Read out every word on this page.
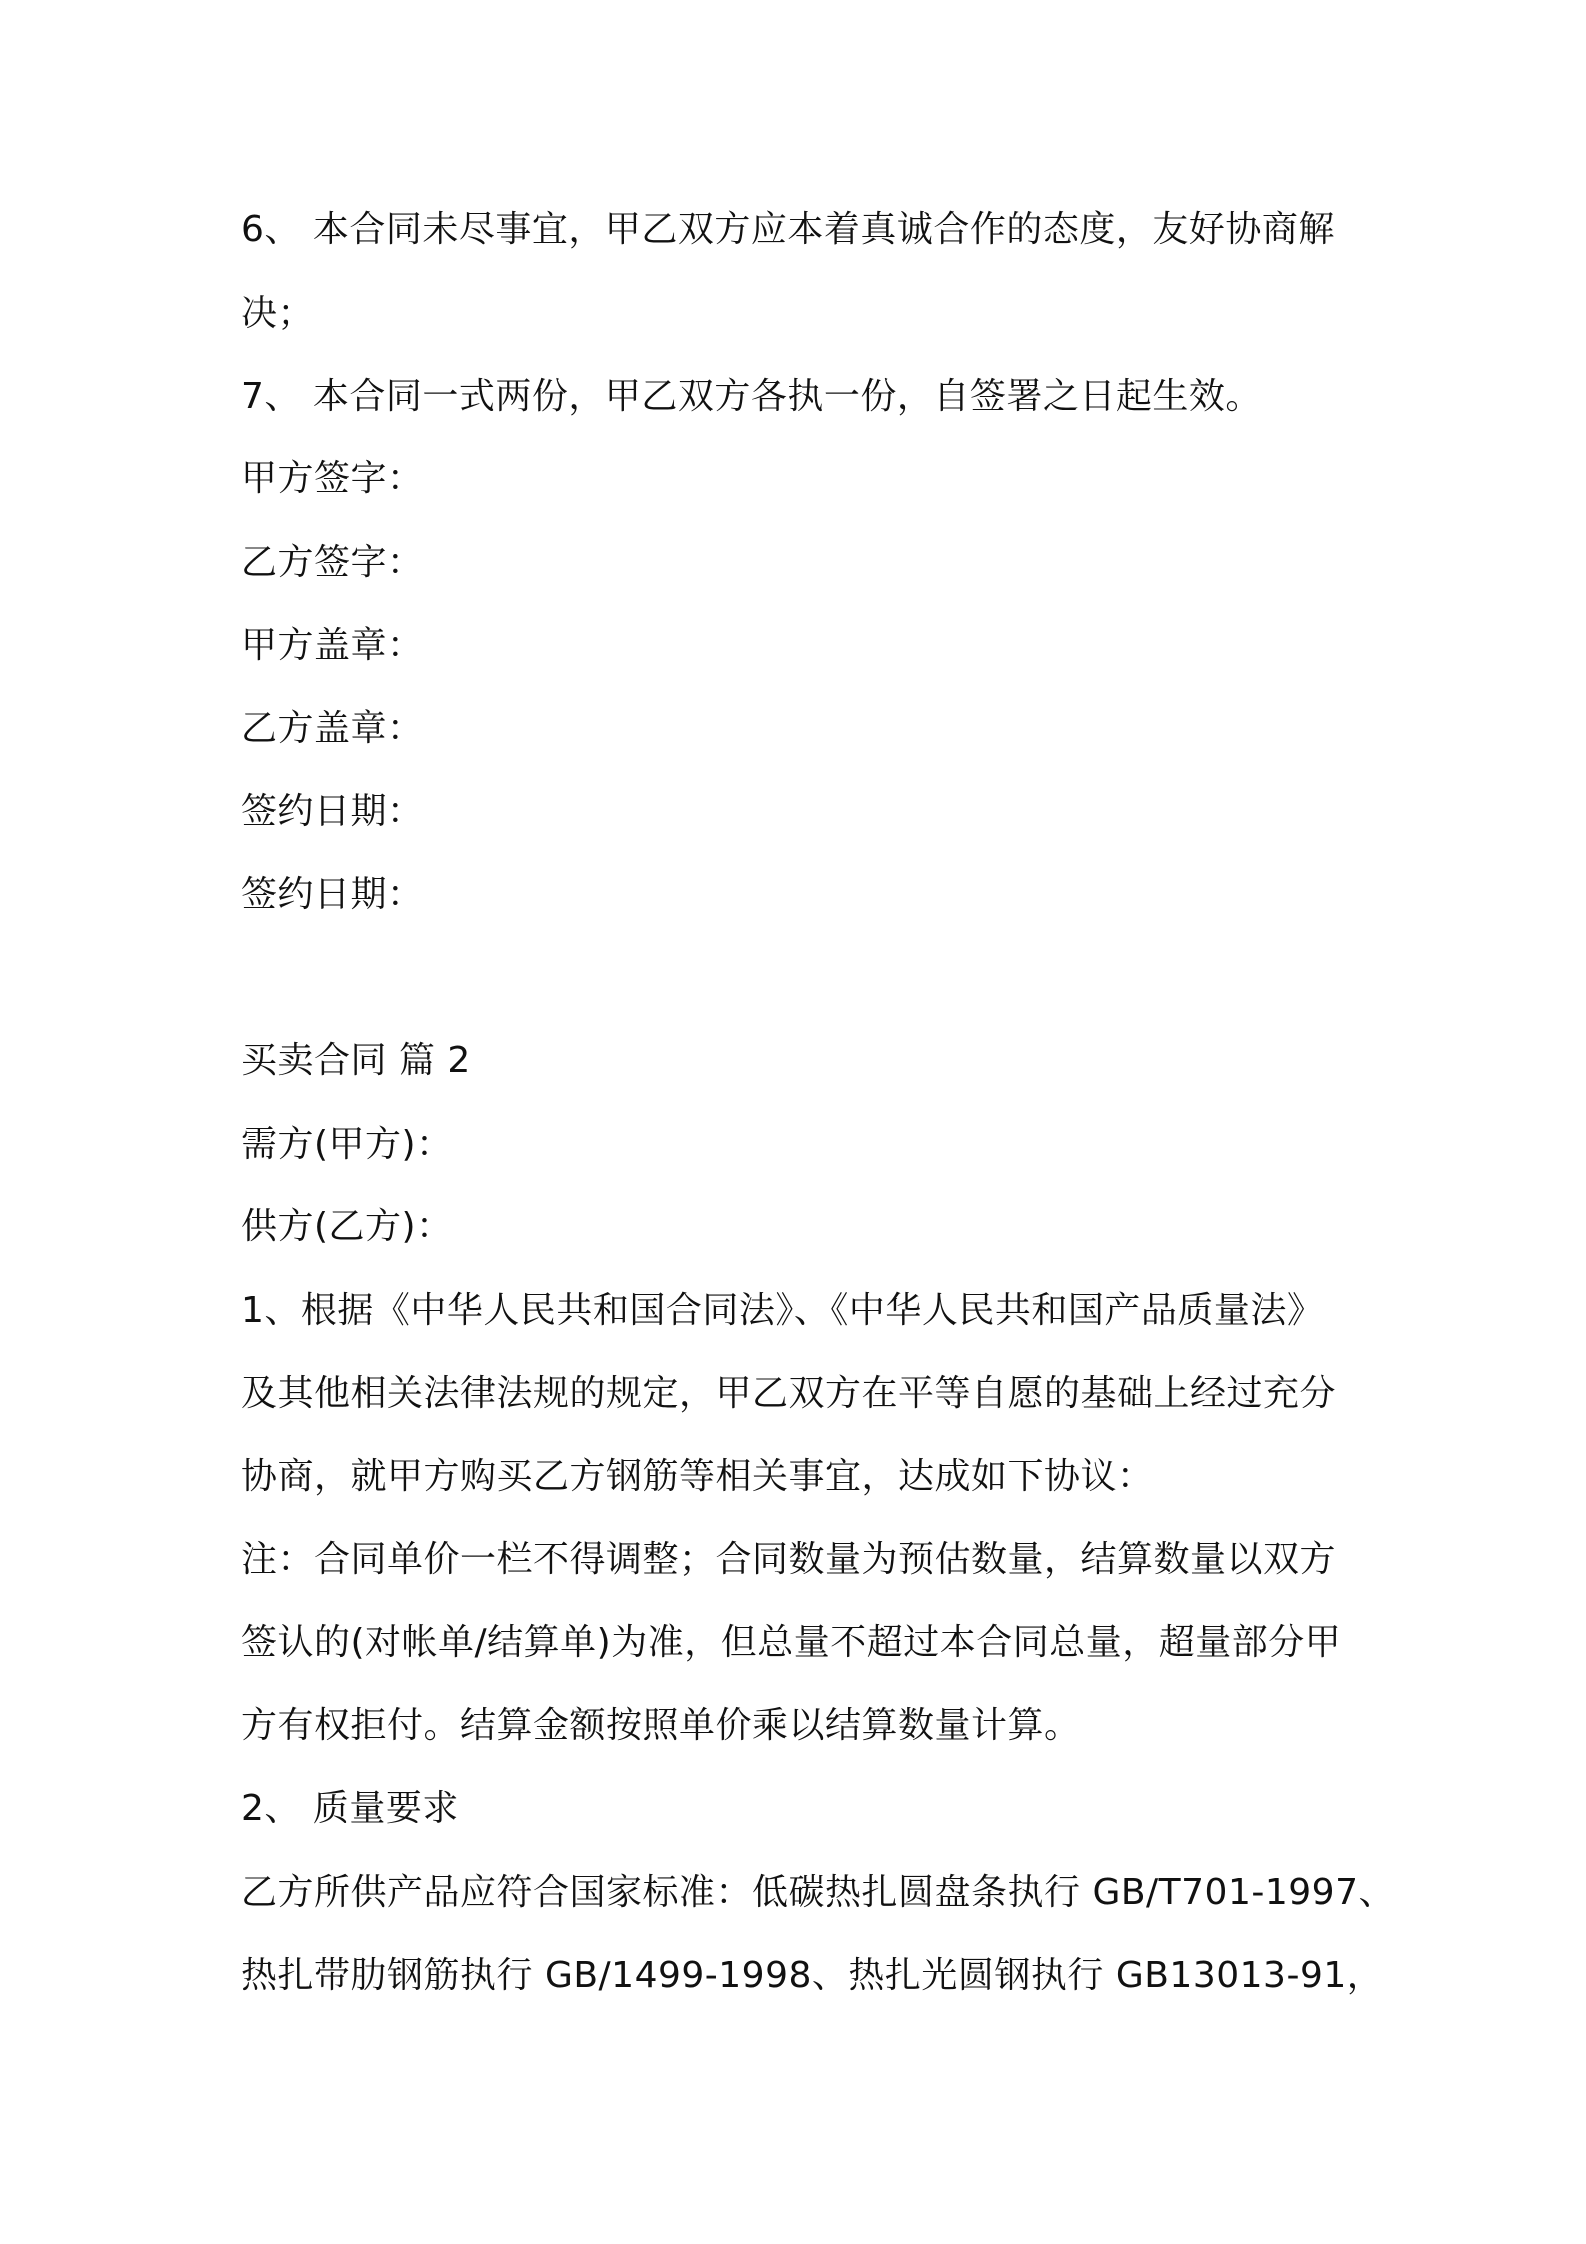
6、 本合同未尽事宜，甲乙双方应本着真诚合作的态度，友好协商解
决；
7、 本合同一式两份，甲乙双方各执一份，自签署之日起生效。
甲方签字：
乙方签字：
甲方盖章：
乙方盖章：
签约日期：
签约日期：
买卖合同 篇 2
需方(甲方)：
供方(乙方)：
1、根据《中华人民共和国合同法》、《中华人民共和国产品质量法》
及其他相关法律法规的规定，甲乙双方在平等自愿的基础上经过充分
协商，就甲方购买乙方钢筋等相关事宜，达成如下协议：
注：合同单价一栏不得调整；合同数量为预估数量，结算数量以双方
签认的(对帐单/结算单)为准，但总量不超过本合同总量，超量部分甲
方有权拒付。结算金额按照单价乘以结算数量计算。
2、 质量要求
乙方所供产品应符合国家标准：低碳热扎圆盘条执行 GB/T701-1997、
热扎带肋钢筋执行 GB/1499-1998、热扎光圆钢执行 GB13013-91，
